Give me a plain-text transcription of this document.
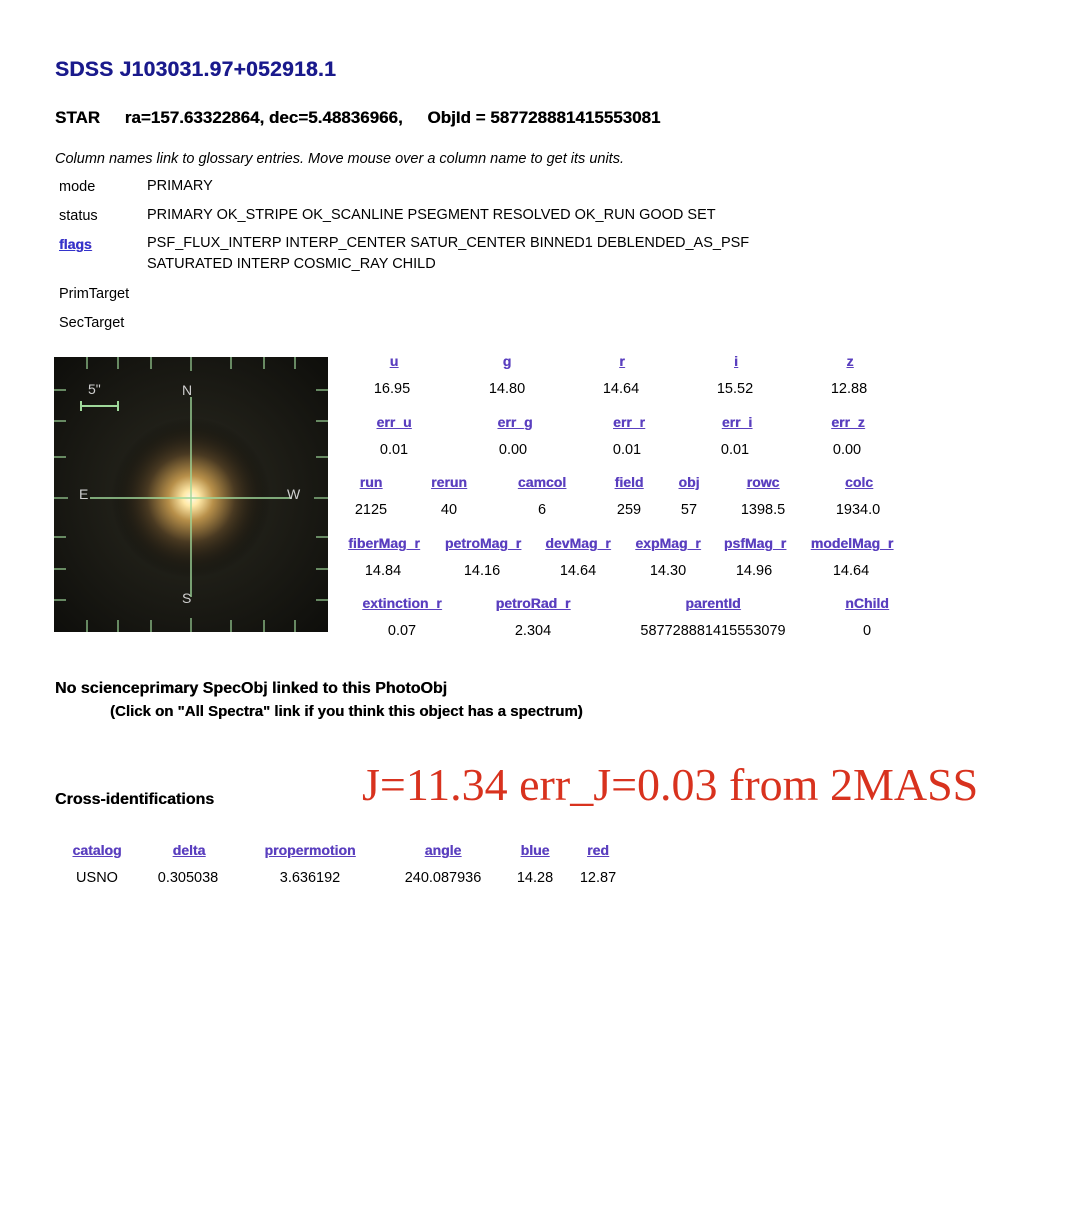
SDSS J103031.97+052918.1
STAR ra=157.63322864, dec=5.48836966, ObjId = 587728881415553081
Column names link to glossary entries. Move mouse over a column name to get its units.
mode	PRIMARY
status	PRIMARY OK_STRIPE OK_SCANLINE PSEGMENT RESOLVED OK_RUN GOOD SET
flags	PSF_FLUX_INTERP INTERP_CENTER SATUR_CENTER BINNED1 DEBLENDED_AS_PSF
SATURATED INTERP COSMIC_RAY CHILD
PrimTarget
SecTarget
5"	N
S
E	W
u	g	r	i	z
16.95	14.80	14.64	15.52	12.88
err_u	err_g	err_r	err_i	err_z
0.01	0.00	0.01	0.01	0.00
run	rerun	camcol	field	obj	rowc	colc
2125	40	6	259	57	1398.5	1934.0
fiberMag_r petroMag_r devMag_r expMag_r psfMag_r modelMag_r
14.84	14.16	14.64	14.30	14.96	14.64
extinction_r	petroRad_r	parentId	nChild
0.07	2.304	587728881415553079	0
No scienceprimary SpecObj linked to this PhotoObj
(Click on "All Spectra" link if you think this object has a spectrum)
Cross-identifications	J=11.34 err_J=0.03 from 2MASS
catalog	delta	propermotion	angle	blue	red
USNO	0.305038	3.636192	240.087936 14.28 12.87
